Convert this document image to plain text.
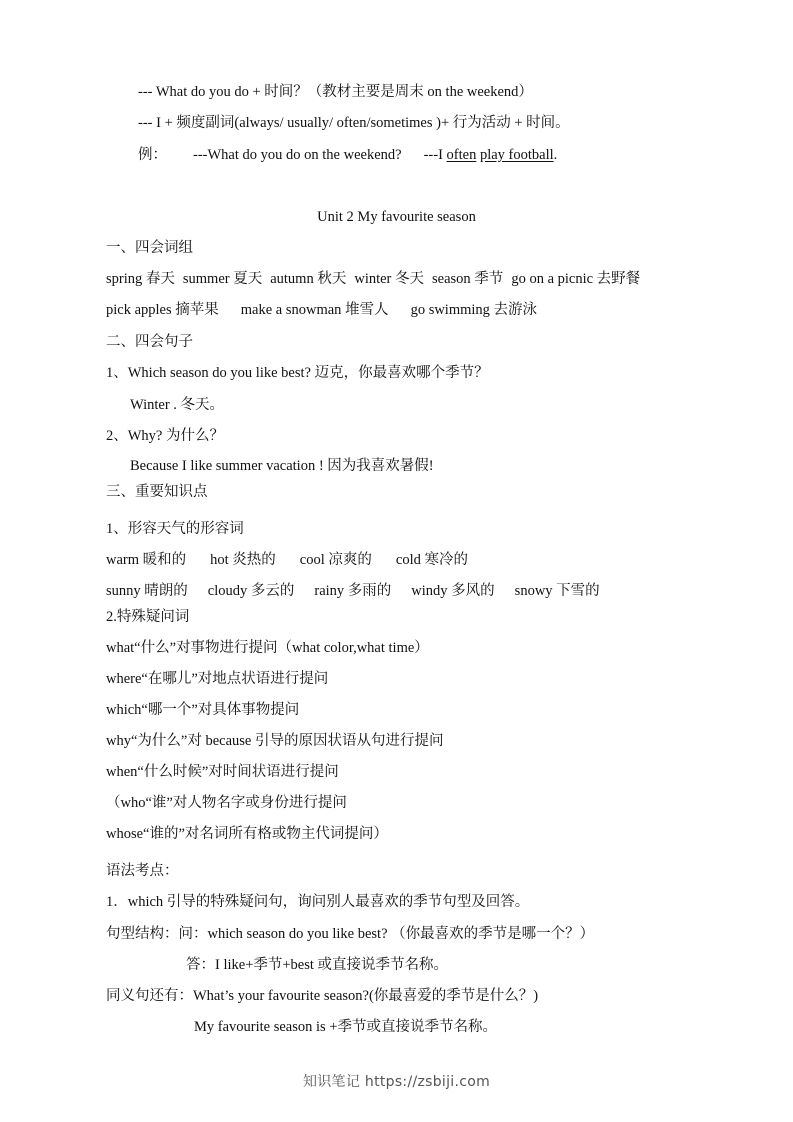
--- What do you do + 时间？（教材主要是周末 on the weekend）
--- I + 频度副词(always/ usually/ often/sometimes )+ 行为活动 + 时间。
例： ---What do you do on the weekend? ---I often play football.
Unit 2 My favourite season
一、四会词组
spring 春天 summer 夏天 autumn 秋天 winter 冬天 season 季节 go on a picnic 去野餐
pick apples 摘苹果 make a snowman 堆雪人 go swimming 去游泳
二、四会句子
1、Which season do you like best? 迈克，你最喜欢哪个季节？
Winter . 冬天。
2、Why? 为什么？
Because I like summer vacation ! 因为我喜欢暑假!
三、重要知识点
1、形容天气的形容词
warm 暖和的 hot 炎热的 cool 凉爽的 cold 寒冷的
sunny 晴朗的 cloudy 多云的 rainy 多雨的 windy 多风的 snowy 下雪的
2.特殊疑问词
what“什么”对事物进行提问（what color,what time）
where“在哪儿”对地点状语进行提问
which“哪一个”对具体事物提问
why“为什么”对 because 引导的原因状语从句进行提问
when“什么时候”对时间状语进行提问
（who“谁”对人物名字或身份进行提问
whose“谁的”对名词所有格或物主代词提问）
语法考点：
1．which 引导的特殊疑问句，询问别人最喜欢的季节句型及回答。
句型结构：问：which season do you like best? （你最喜欢的季节是哪一个？）
答：I like+季节+best 或直接说季节名称。
同义句还有：What’s your favourite season?(你最喜爱的季节是什么？)
My favourite season is +季节或直接说季节名称。
知识笔记 https://zsbiji.com
